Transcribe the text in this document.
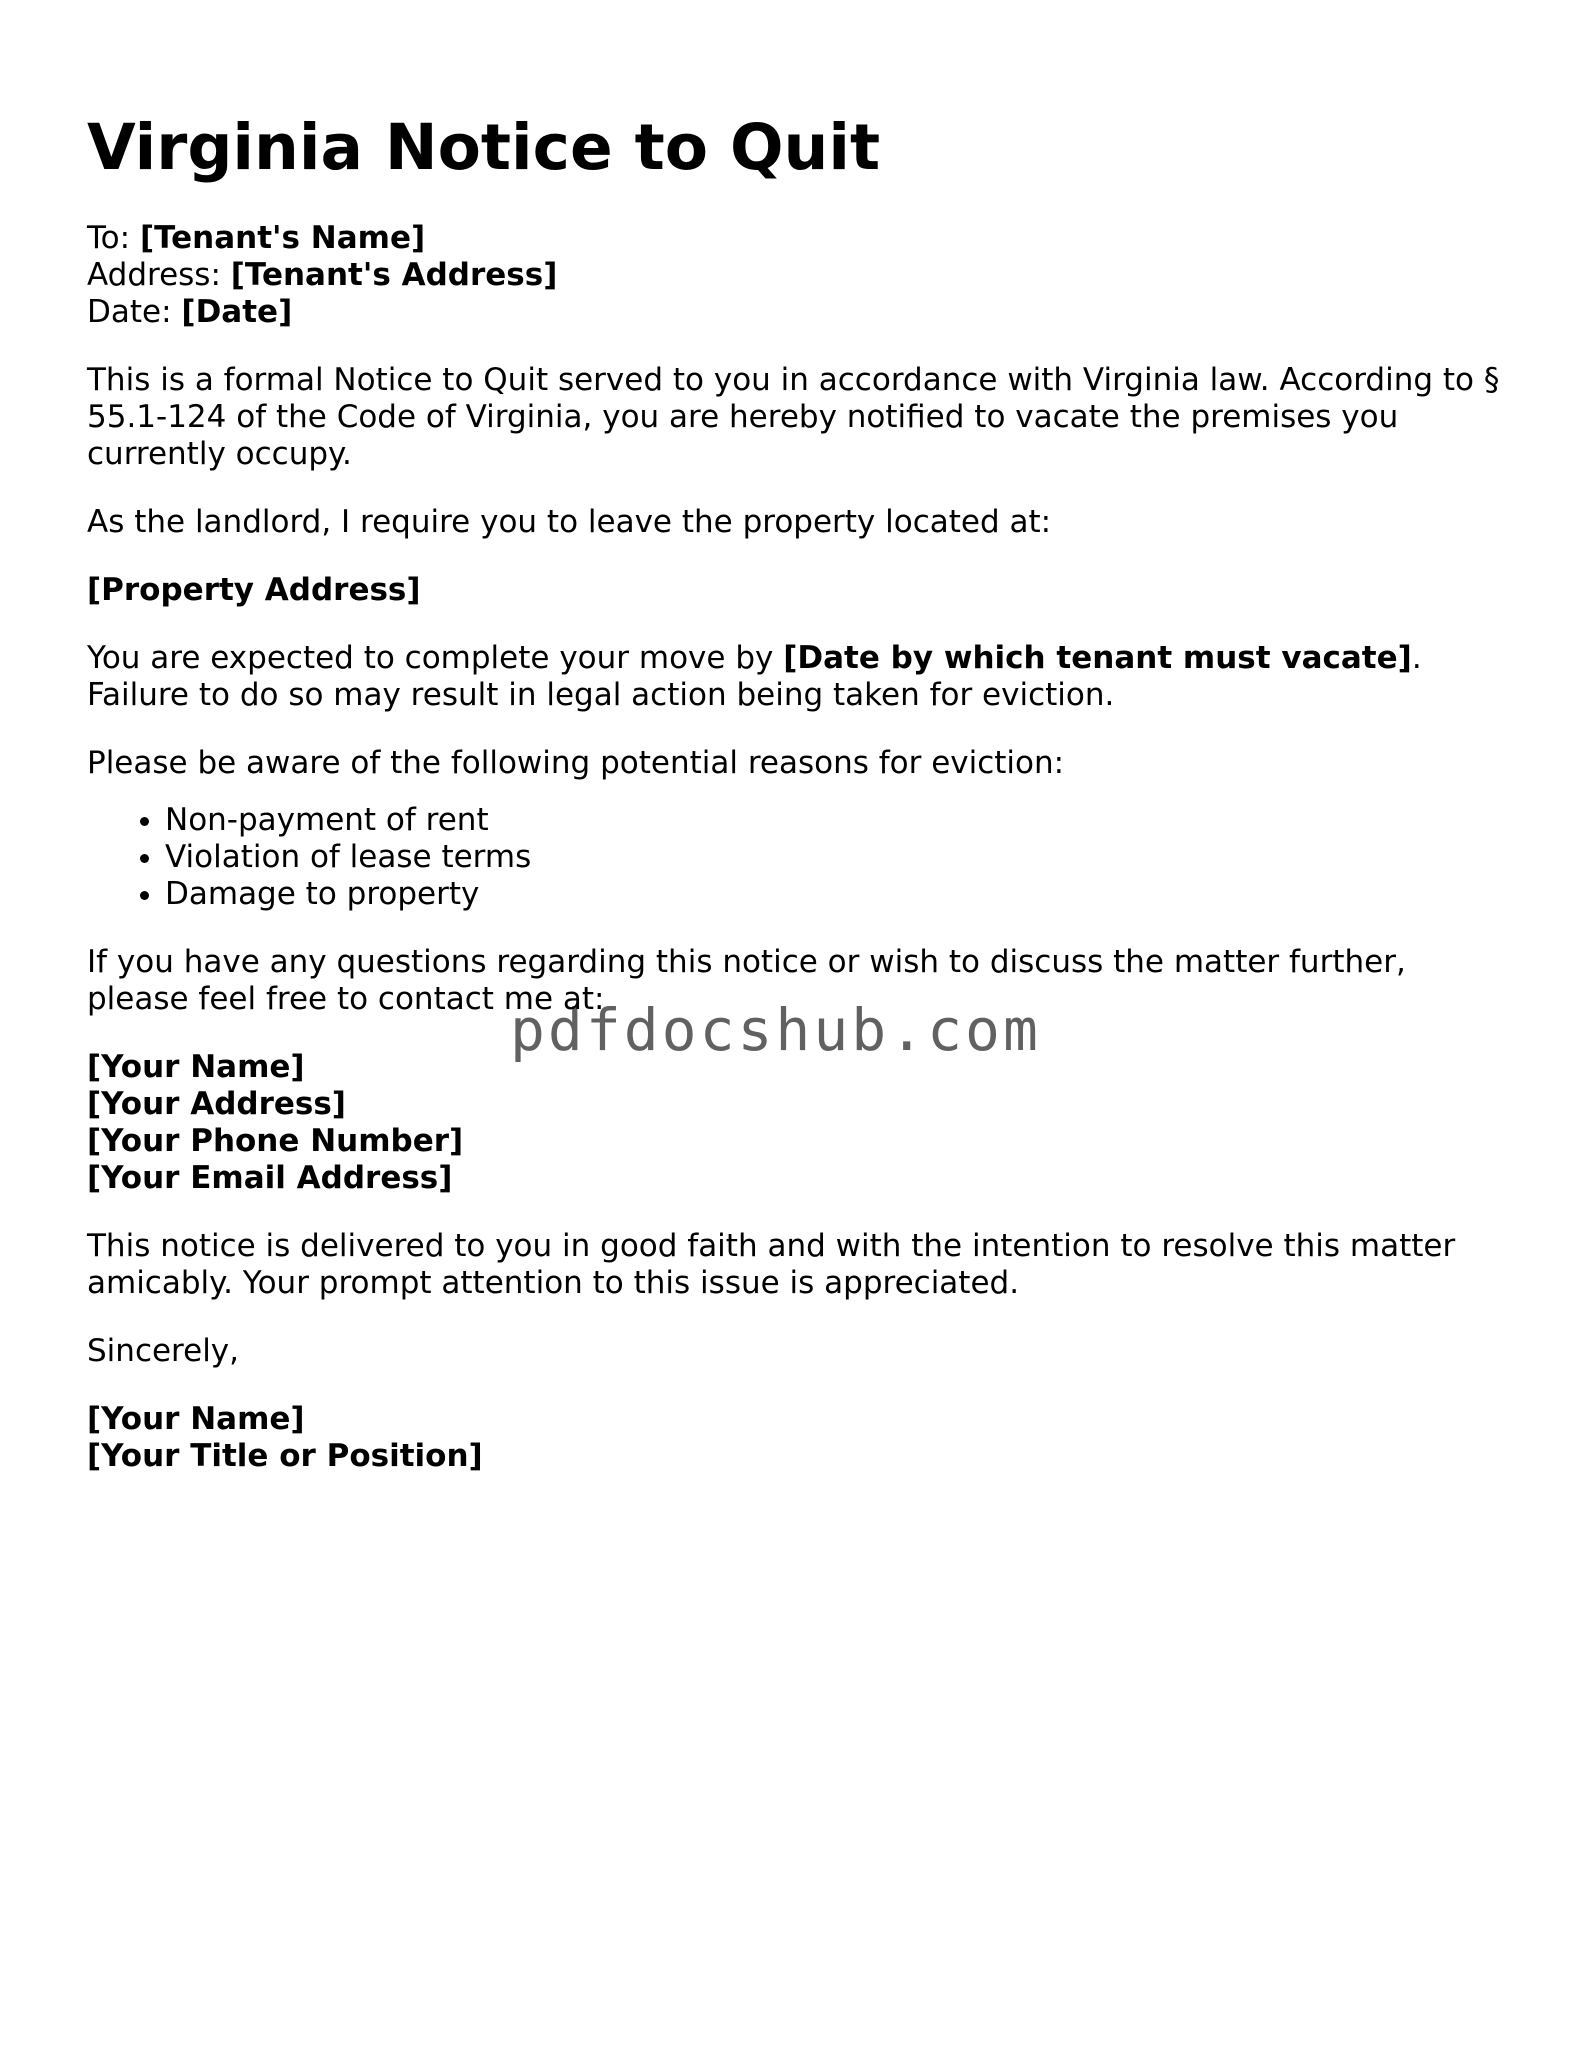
Virginia Notice to Quit
To: [Tenant's Name]
Address: [Tenant's Address]
Date: [Date]

This is a formal Notice to Quit served to you in accordance with Virginia law. According to § 55.1-124 of the Code of Virginia, you are hereby notified to vacate the premises you currently occupy.

As the landlord, I require you to leave the property located at:

[Property Address]

You are expected to complete your move by [Date by which tenant must vacate]. Failure to do so may result in legal action being taken for eviction.

Please be aware of the following potential reasons for eviction:

• Non-payment of rent
• Violation of lease terms
• Damage to property

If you have any questions regarding this notice or wish to discuss the matter further, please feel free to contact me at:

[Your Name]
[Your Address]
[Your Phone Number]
[Your Email Address]

This notice is delivered to you in good faith and with the intention to resolve this matter amicably. Your prompt attention to this issue is appreciated.

Sincerely,

[Your Name]
[Your Title or Position]
pdfdocshub.com
